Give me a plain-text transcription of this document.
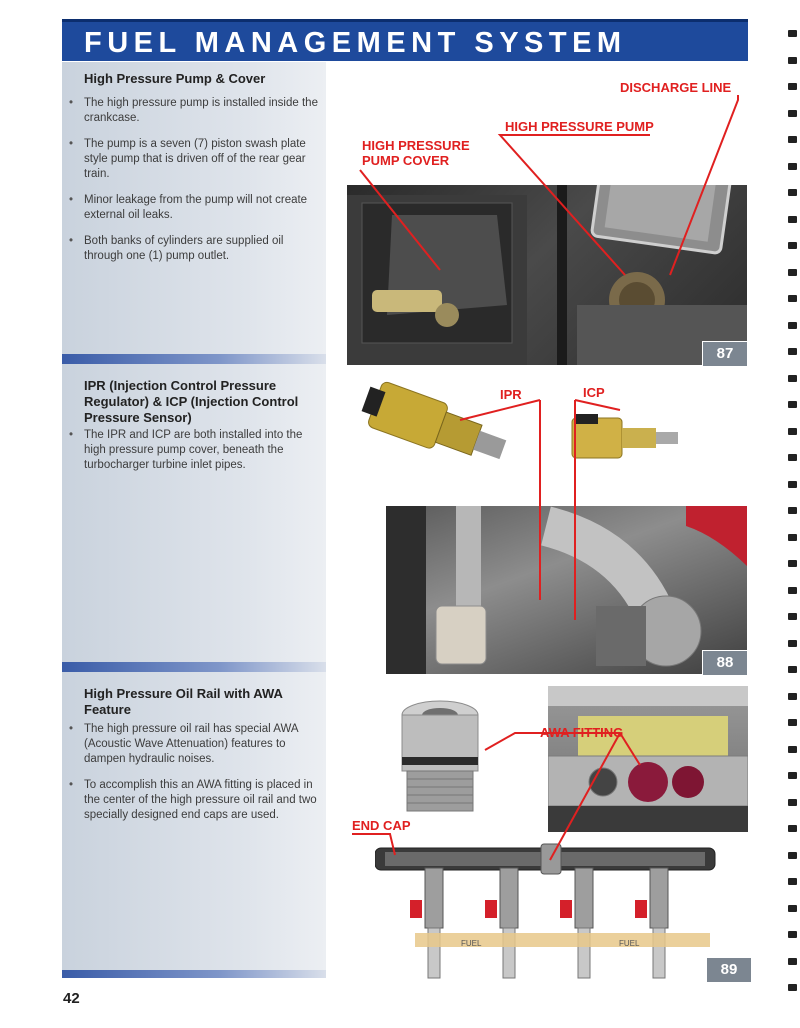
FUEL MANAGEMENT SYSTEM
High Pressure Pump & Cover
• The high pressure pump is installed inside the crankcase.
• The pump is a seven (7) piston swash plate style pump that is driven off of the rear gear train.
• Minor leakage from the pump will not create external oil leaks.
• Both banks of cylinders are supplied oil through one (1) pump outlet.
IPR (Injection Control Pressure Regulator) & ICP (Injection Control Pressure Sensor)
• The IPR and ICP are both installed into the high pressure pump cover, beneath the turbocharger turbine inlet pipes.
High Pressure Oil Rail with AWA Feature
• The high pressure oil rail has special AWA (Acoustic Wave Attenuation) features to dampen hydraulic noises.
• To accomplish this an AWA fitting is placed in the center of the high pressure oil rail and two specially designed end caps are used.
87
88
FUEL	FUEL
89
DISCHARGE LINE
HIGH PRESSURE PUMP
HIGH PRESSURE
PUMP COVER
IPR	ICP
AWA FITTING
END CAP
42
